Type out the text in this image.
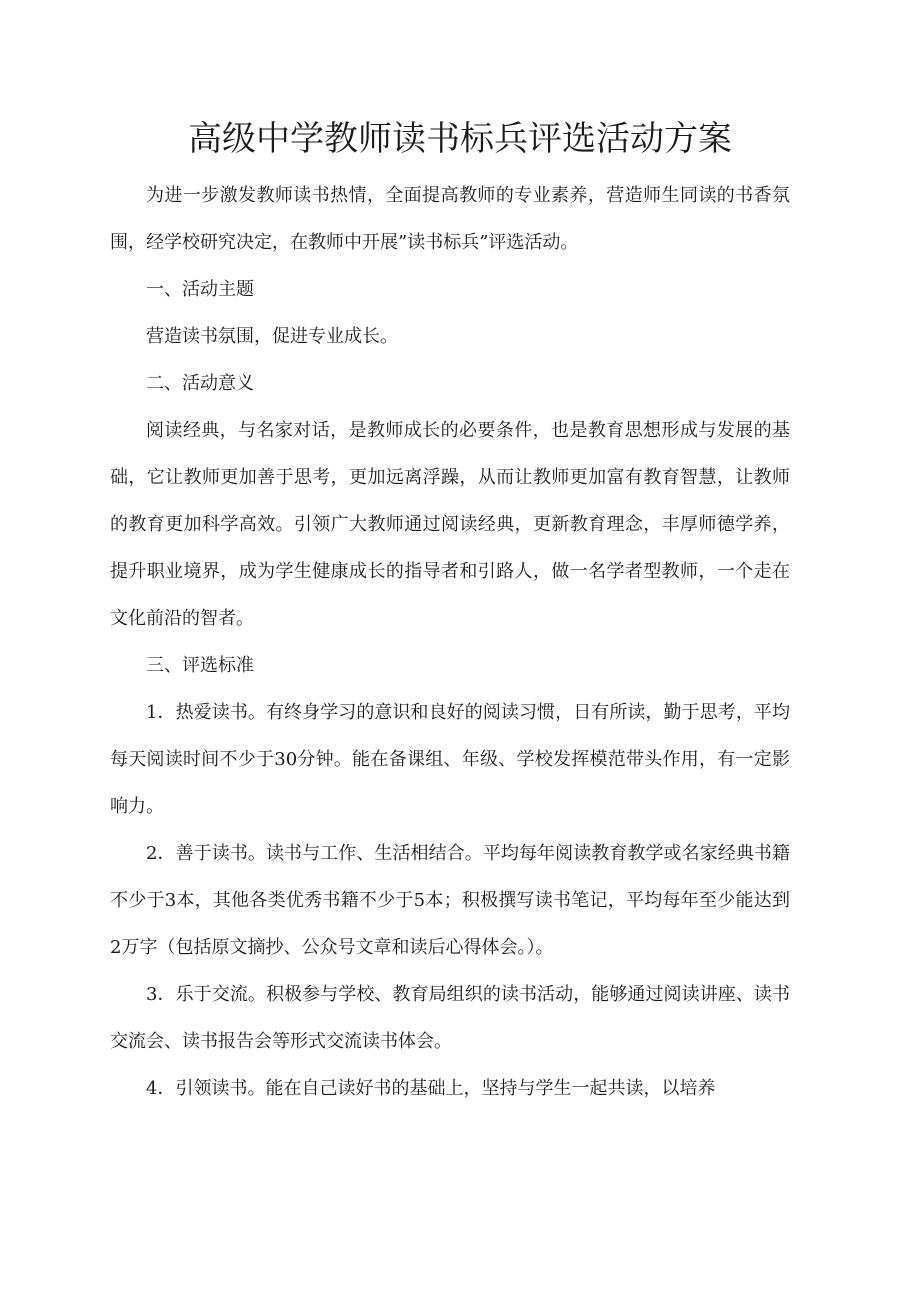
高级中学教师读书标兵评选活动方案

为进一步激发教师读书热情，全面提高教师的专业素养，营造师生同读的书香氛围，经学校研究决定，在教师中开展”读书标兵”评选活动。

一、活动主题

营造读书氛围，促进专业成长。

二、活动意义

阅读经典，与名家对话，是教师成长的必要条件，也是教育思想形成与发展的基础，它让教师更加善于思考，更加远离浮躁，从而让教师更加富有教育智慧，让教师的教育更加科学高效。引领广大教师通过阅读经典，更新教育理念，丰厚师德学养，提升职业境界，成为学生健康成长的指导者和引路人，做一名学者型教师，一个走在文化前沿的智者。

三、评选标准

1．热爱读书。有终身学习的意识和良好的阅读习惯，日有所读，勤于思考，平均每天阅读时间不少于30分钟。能在备课组、年级、学校发挥模范带头作用，有一定影响力。

2．善于读书。读书与工作、生活相结合。平均每年阅读教育教学或名家经典书籍不少于3本，其他各类优秀书籍不少于5本；积极撰写读书笔记，平均每年至少能达到2万字（包括原文摘抄、公众号文章和读后心得体会。）。

3．乐于交流。积极参与学校、教育局组织的读书活动，能够通过阅读讲座、读书交流会、读书报告会等形式交流读书体会。

4．引领读书。能在自己读好书的基础上，坚持与学生一起共读，以培养
